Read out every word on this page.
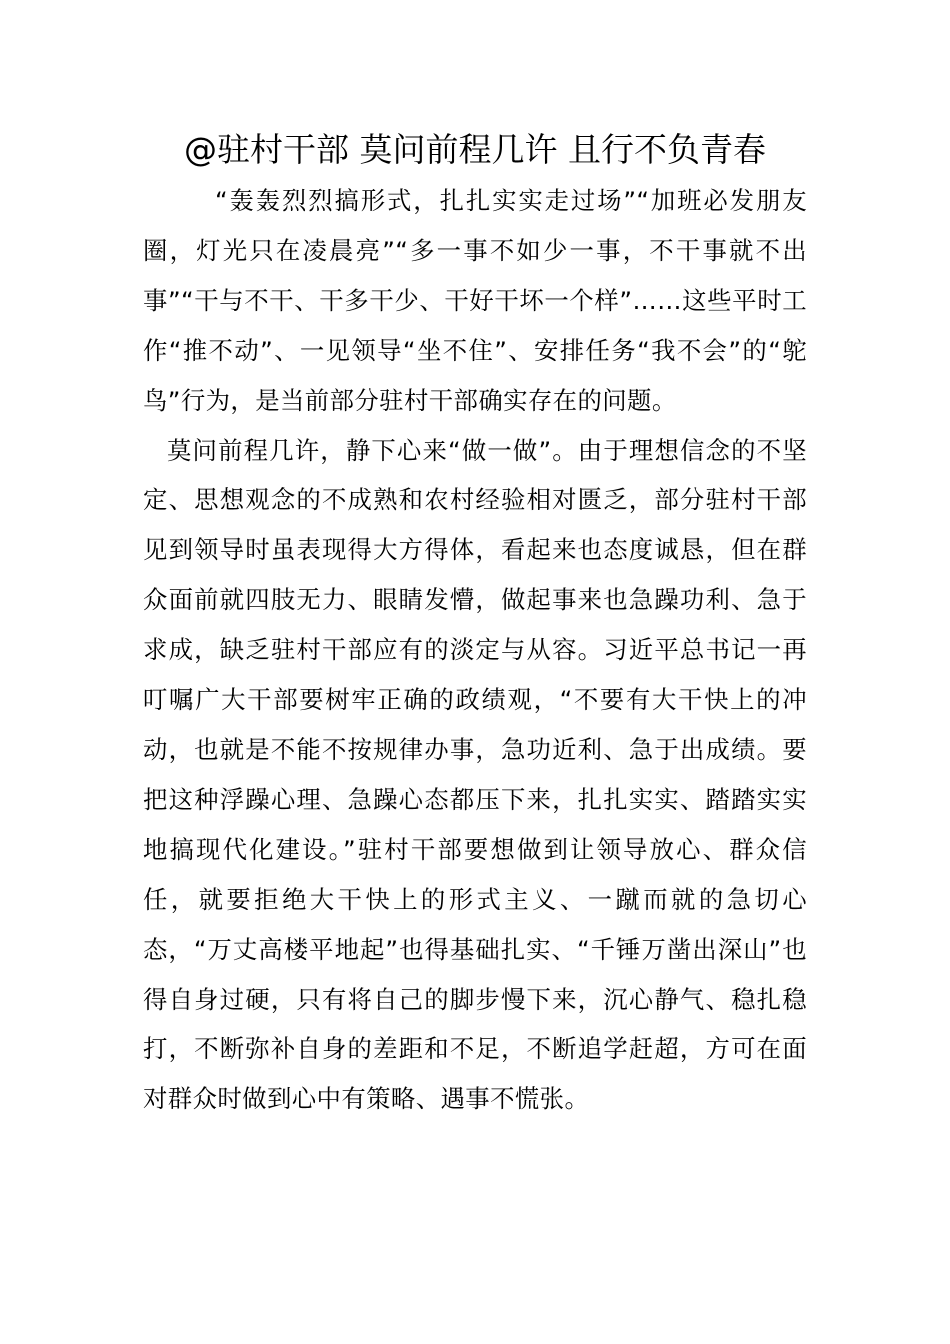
@驻村干部 莫问前程几许 且行不负青春

“轰轰烈烈搞形式，扎扎实实走过场”“加班必发朋友圈，灯光只在凌晨亮”“多一事不如少一事，不干事就不出事”“干与不干、干多干少、干好干坏一个样”……这些平时工作“推不动”、一见领导“坐不住”、安排任务“我不会”的“鸵鸟”行为，是当前部分驻村干部确实存在的问题。

莫问前程几许，静下心来“做一做”。由于理想信念的不坚定、思想观念的不成熟和农村经验相对匮乏，部分驻村干部见到领导时虽表现得大方得体，看起来也态度诚恳，但在群众面前就四肢无力、眼睛发懵，做起事来也急躁功利、急于求成，缺乏驻村干部应有的淡定与从容。习近平总书记一再叮嘱广大干部要树牢正确的政绩观，“不要有大干快上的冲动，也就是不能不按规律办事，急功近利、急于出成绩。要把这种浮躁心理、急躁心态都压下来，扎扎实实、踏踏实实地搞现代化建设。”驻村干部要想做到让领导放心、群众信任，就要拒绝大干快上的形式主义、一蹴而就的急切心态，“万丈高楼平地起”也得基础扎实、“千锤万凿出深山”也得自身过硬，只有将自己的脚步慢下来，沉心静气、稳扎稳打，不断弥补自身的差距和不足，不断追学赶超，方可在面对群众时做到心中有策略、遇事不慌张。
